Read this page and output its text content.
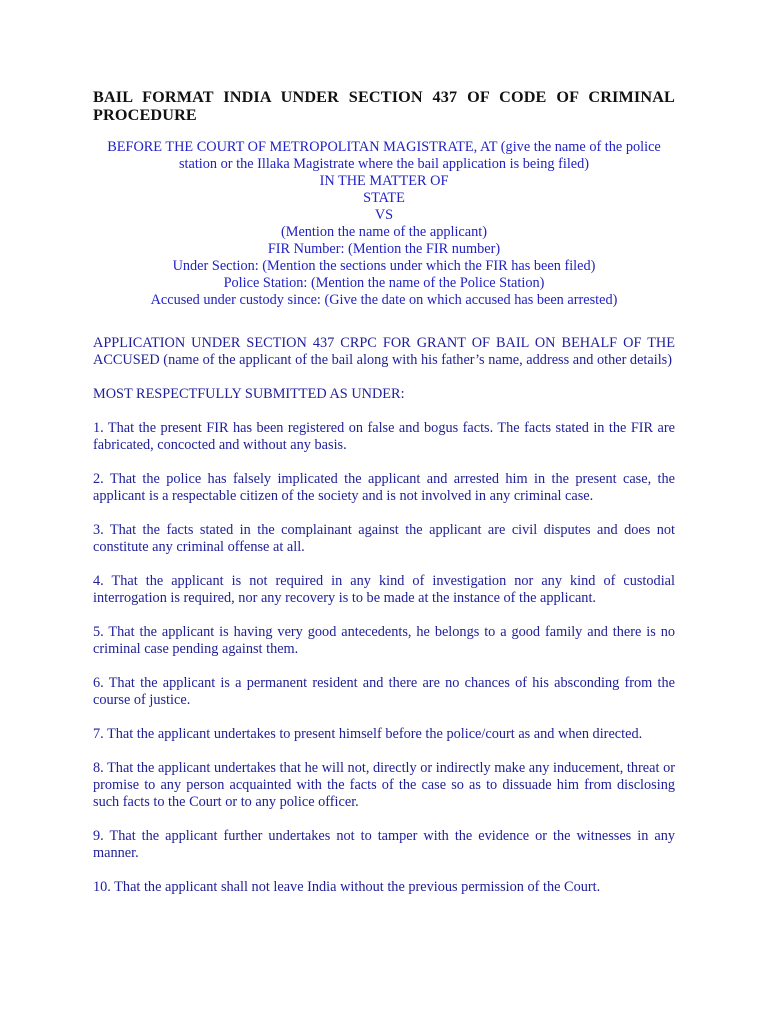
BAIL FORMAT INDIA UNDER SECTION 437 OF CODE OF CRIMINAL PROCEDURE
BEFORE THE COURT OF METROPOLITAN MAGISTRATE, AT (give the name of the police station or the Illaka Magistrate where the bail application is being filed)
IN THE MATTER OF
STATE
VS
(Mention the name of the applicant)
FIR Number: (Mention the FIR number)
Under Section: (Mention the sections under which the FIR has been filed)
Police Station: (Mention the name of the Police Station)
Accused under custody since: (Give the date on which accused has been arrested)

APPLICATION UNDER SECTION 437 CRPC FOR GRANT OF BAIL ON BEHALF OF THE ACCUSED (name of the applicant of the bail along with his father’s name, address and other details)

MOST RESPECTFULLY SUBMITTED AS UNDER:

1. That the present FIR has been registered on false and bogus facts. The facts stated in the FIR are fabricated, concocted and without any basis.

2. That the police has falsely implicated the applicant and arrested him in the present case, the applicant is a respectable citizen of the society and is not involved in any criminal case.

3. That the facts stated in the complainant against the applicant are civil disputes and does not constitute any criminal offense at all.

4. That the applicant is not required in any kind of investigation nor any kind of custodial interrogation is required, nor any recovery is to be made at the instance of the applicant.

5. That the applicant is having very good antecedents, he belongs to a good family and there is no criminal case pending against them.

6. That the applicant is a permanent resident and there are no chances of his absconding from the course of justice.

7. That the applicant undertakes to present himself before the police/court as and when directed.

8. That the applicant undertakes that he will not, directly or indirectly make any inducement, threat or promise to any person acquainted with the facts of the case so as to dissuade him from disclosing such facts to the Court or to any police officer.

9. That the applicant further undertakes not to tamper with the evidence or the witnesses in any manner.

10. That the applicant shall not leave India without the previous permission of the Court.
